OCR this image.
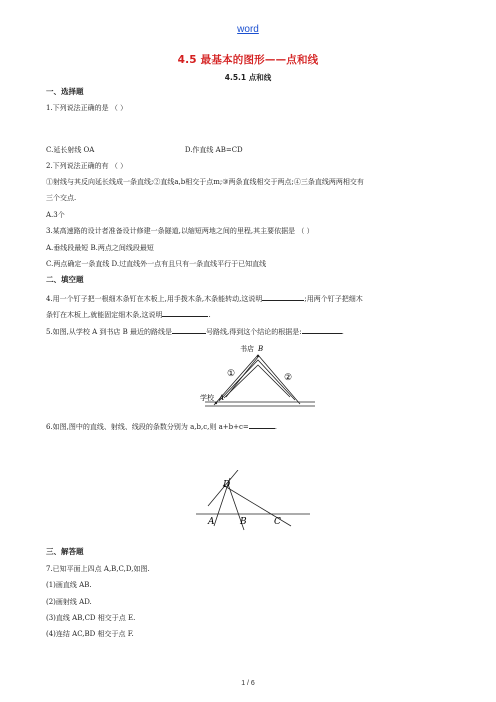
word
4.5 最基本的图形——点和线
4.5.1 点和线
一、选择题
1.下列说法正确的是 （ ）
C.延长射线 OA	D.作直线 AB=CD
2.下列说法正确的有 （ ）
①射线与其反向延长线成一条直线;②直线a,b相交于点m;③两条直线相交于两点;④三条直线两两相交有
三个交点.
A.3个
3.某高速路的设计者准备设计修建一条隧道,以缩短两地之间的里程,其主要依据是 （ ）
A.垂线段最短 B.两点之间线段最短
C.两点确定一条直线 D.过直线外一点有且只有一条直线平行于已知直线
二、填空题
4.用一个钉子把一根细木条钉在木板上,用手拨木条,木条能转动,这说明	;用两个钉子把细木
条钉在木板上,就能固定细木条,这说明	.
5.如图,从学校 A 到书店 B 最近的路线是	号路线,得到这个结论的根据是:	.
书店 B
①	②
学校 A
6.如图,图中的直线、射线、线段的条数分别为 a,b,c,则 a+b+c=	.
D
A	B	C
三、解答题
7.已知平面上四点 A,B,C,D,如图.
(1)画直线 AB.
(2)画射线 AD.
(3)直线 AB,CD 相交于点 E.
(4)连结 AC,BD 相交于点 F.
1 / 6
